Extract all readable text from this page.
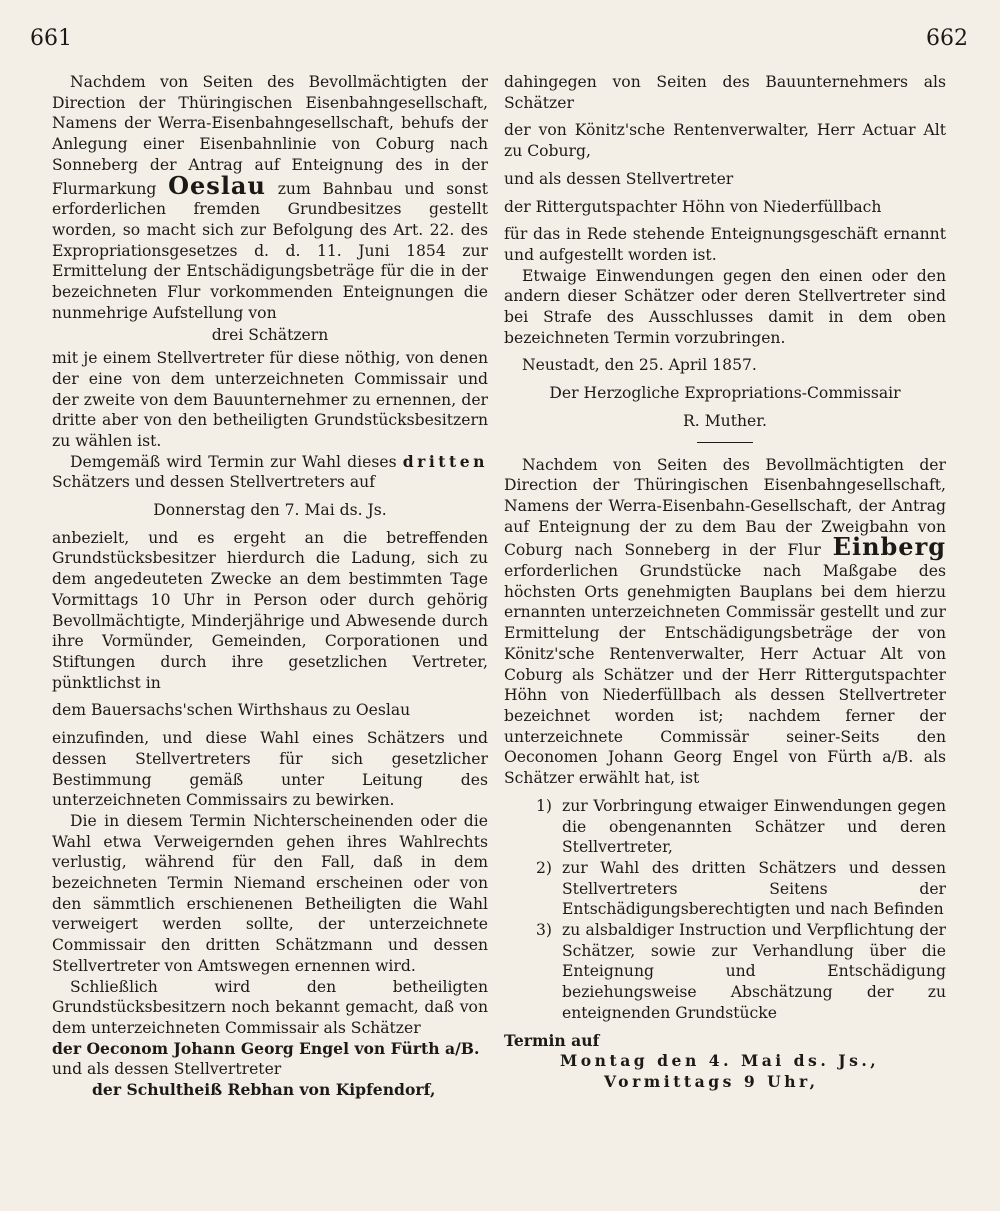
661	662

Nachdem von Seiten des Bevollmächtigten der Direction der Thüringischen Eisenbahngesellschaft, Namens der Werra-Eisenbahngesellschaft, behufs der Anlegung einer Eisenbahnlinie von Coburg nach Sonneberg der Antrag auf Enteignung des in der Flurmarkung Oeslau zum Bahnbau und sonst erforderlichen fremden Grundbesitzes gestellt worden, so macht sich zur Befolgung des Art. 22. des Expropriationsgesetzes d. d. 11. Juni 1854 zur Ermittelung der Entschädigungsbeträge für die in der bezeichneten Flur vorkommenden Enteignungen die nunmehrige Aufstellung von

drei Schätzern

mit je einem Stellvertreter für diese nöthig, von denen der eine von dem unterzeichneten Commissair und der zweite von dem Bauunternehmer zu ernennen, der dritte aber von den betheiligten Grundstücksbesitzern zu wählen ist.

Demgemäß wird Termin zur Wahl dieses dritten Schätzers und dessen Stellvertreters auf

Donnerstag den 7. Mai ds. Js.

anbezielt, und es ergeht an die betreffenden Grundstücksbesitzer hierdurch die Ladung, sich zu dem angedeuteten Zwecke an dem bestimmten Tage Vormittags 10 Uhr in Person oder durch gehörig Bevollmächtigte, Minderjährige und Abwesende durch ihre Vormünder, Gemeinden, Corporationen und Stiftungen durch ihre gesetzlichen Vertreter, pünktlichst in

dem Bauersachs'schen Wirthshaus zu Oeslau

einzufinden, und diese Wahl eines Schätzers und dessen Stellvertreters für sich gesetzlicher Bestimmung gemäß unter Leitung des unterzeichneten Commissairs zu bewirken.

Die in diesem Termin Nichterscheinenden oder die Wahl etwa Verweigernden gehen ihres Wahlrechts verlustig, während für den Fall, daß in dem bezeichneten Termin Niemand erscheinen oder von den sämmtlich erschienenen Betheiligten die Wahl verweigert werden sollte, der unterzeichnete Commissair den dritten Schätzmann und dessen Stellvertreter von Amtswegen ernennen wird.

Schließlich wird den betheiligten Grundstücksbesitzern noch bekannt gemacht, daß von dem unterzeichneten Commissair als Schätzer

der Oeconom Johann Georg Engel von Fürth a/B.

und als dessen Stellvertreter

der Schultheiß Rebhan von Kipfendorf,

dahingegen von Seiten des Bauunternehmers als Schätzer

der von Könitz'sche Rentenverwalter, Herr Actuar Alt zu Coburg,

und als dessen Stellvertreter

der Rittergutspachter Höhn von Niederfüllbach

für das in Rede stehende Enteignungsgeschäft ernannt und aufgestellt worden ist.

Etwaige Einwendungen gegen den einen oder den andern dieser Schätzer oder deren Stellvertreter sind bei Strafe des Ausschlusses damit in dem oben bezeichneten Termin vorzubringen.

Neustadt, den 25. April 1857.

Der Herzogliche Expropriations-Commissair

R. Muther.

Nachdem von Seiten des Bevollmächtigten der Direction der Thüringischen Eisenbahngesellschaft, Namens der Werra-Eisenbahn-Gesellschaft, der Antrag auf Enteignung der zu dem Bau der Zweigbahn von Coburg nach Sonneberg in der Flur Einberg erforderlichen Grundstücke nach Maßgabe des höchsten Orts genehmigten Bauplans bei dem hierzu ernannten unterzeichneten Commissär gestellt und zur Ermittelung der Entschädigungsbeträge der von Könitz'sche Rentenverwalter, Herr Actuar Alt von Coburg als Schätzer und der Herr Rittergutspachter Höhn von Niederfüllbach als dessen Stellvertreter bezeichnet worden ist; nachdem ferner der unterzeichnete Commissär seiner-Seits den Oeconomen Johann Georg Engel von Fürth a/B. als Schätzer erwählt hat, ist

1) zur Vorbringung etwaiger Einwendungen gegen die obengenannten Schätzer und deren Stellvertreter,
2) zur Wahl des dritten Schätzers und dessen Stellvertreters Seitens der Entschädigungsberechtigten und nach Befinden
3) zu alsbaldiger Instruction und Verpflichtung der Schätzer, sowie zur Verhandlung über die Enteignung und Entschädigung beziehungsweise Abschätzung der zu enteignenden Grundstücke

Termin auf

Montag den 4. Mai ds. Js.,

Vormittags 9 Uhr,
